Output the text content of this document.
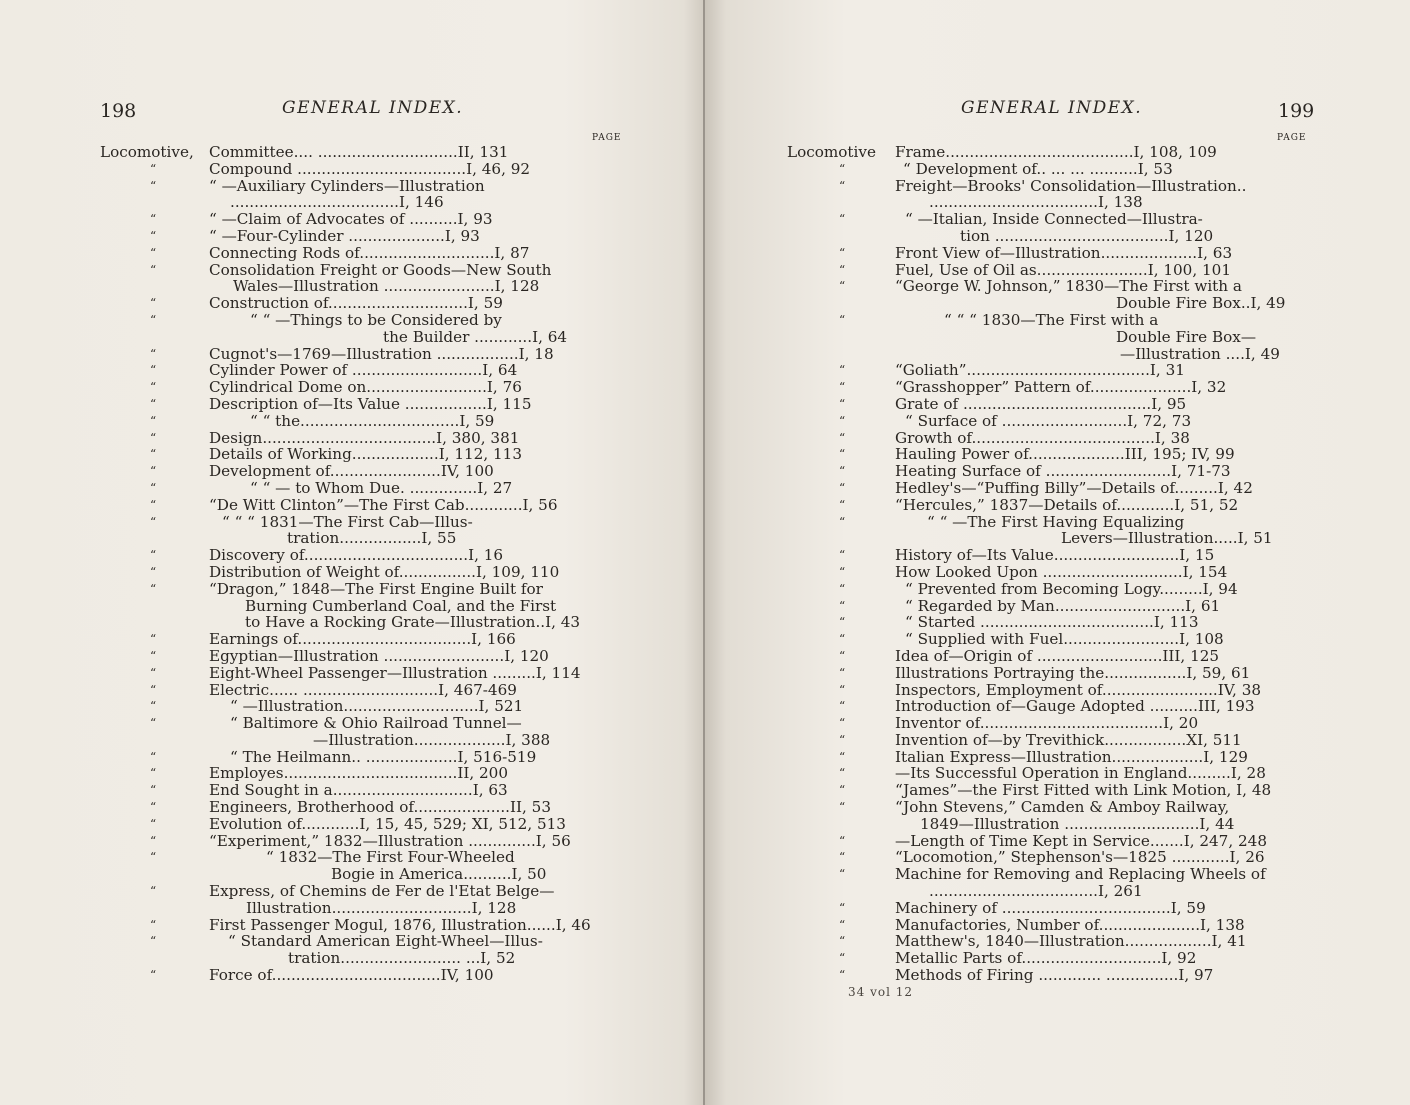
198	GENERAL INDEX.
PAGE
Locomotive,	Committee.... .............................II, 131
“	Compound ...................................I, 46, 92
“	“ —Auxiliary Cylinders—Illustration
...................................I, 146
“	“ —Claim of Advocates of ..........I, 93
“	“ —Four-Cylinder ....................I, 93
“	Connecting Rods of............................I, 87
“	Consolidation Freight or Goods—New South
Wales—Illustration .......................I, 128
“	Construction of.............................I, 59
“	“ “ —Things to be Considered by
the Builder ............I, 64
“	Cugnot's—1769—Illustration .................I, 18
“	Cylinder Power of ...........................I, 64
“	Cylindrical Dome on.........................I, 76
“	Description of—Its Value .................I, 115
“	“ “ the.................................I, 59
“	Design....................................I, 380, 381
“	Details of Working..................I, 112, 113
“	Development of.......................IV, 100
“	“ “ — to Whom Due. ..............I, 27
“	“De Witt Clinton”—The First Cab............I, 56
“	“ “ “ 1831—The First Cab—Illus-
tration.................I, 55
“	Discovery of..................................I, 16
“	Distribution of Weight of................I, 109, 110
“	“Dragon,” 1848—The First Engine Built for
Burning Cumberland Coal, and the First
to Have a Rocking Grate—Illustration..I, 43
“	Earnings of....................................I, 166
“	Egyptian—Illustration .........................I, 120
“	Eight-Wheel Passenger—Illustration .........I, 114
“	Electric...... ............................I, 467-469
“	“ —Illustration............................I, 521
“	“ Baltimore & Ohio Railroad Tunnel—
—Illustration...................I, 388
“	“ The Heilmann.. ...................I, 516-519
“	Employes....................................II, 200
“	End Sought in a.............................I, 63
“	Engineers, Brotherhood of....................II, 53
“	Evolution of............I, 15, 45, 529; XI, 512, 513
“	“Experiment,” 1832—Illustration ..............I, 56
“	“ 1832—The First Four-Wheeled
Bogie in America..........I, 50
“	Express, of Chemins de Fer de l'Etat Belge—
Illustration.............................I, 128
“	First Passenger Mogul, 1876, Illustration......I, 46
“	“ Standard American Eight-Wheel—Illus-
tration......................... ...I, 52
“	Force of...................................IV, 100
GENERAL INDEX.	199
PAGE
Locomotive	Frame.......................................I, 108, 109
“	“ Development of.. ... ... ..........I, 53
“	Freight—Brooks' Consolidation—Illustration..
...................................I, 138
“	“ —Italian, Inside Connected—Illustra-
tion ....................................I, 120
“	Front View of—Illustration....................I, 63
“	Fuel, Use of Oil as.......................I, 100, 101
“	“George W. Johnson,” 1830—The First with a
Double Fire Box..I, 49
“	“ “ “ 1830—The First with a
Double Fire Box—
—Illustration ....I, 49
“	“Goliath”......................................I, 31
“	“Grasshopper” Pattern of.....................I, 32
“	Grate of .......................................I, 95
“	“ Surface of ..........................I, 72, 73
“	Growth of......................................I, 38
“	Hauling Power of....................III, 195; IV, 99
“	Heating Surface of ..........................I, 71-73
“	Hedley's—“Puffing Billy”—Details of.........I, 42
“	“Hercules,” 1837—Details of............I, 51, 52
“	“ “ —The First Having Equalizing
Levers—Illustration.....I, 51
“	History of—Its Value..........................I, 15
“	How Looked Upon .............................I, 154
“	“ Prevented from Becoming Logy.........I, 94
“	“ Regarded by Man...........................I, 61
“	“ Started ....................................I, 113
“	“ Supplied with Fuel........................I, 108
“	Idea of—Origin of ..........................III, 125
“	Illustrations Portraying the.................I, 59, 61
“	Inspectors, Employment of........................IV, 38
“	Introduction of—Gauge Adopted ..........III, 193
“	Inventor of......................................I, 20
“	Invention of—by Trevithick.................XI, 511
“	Italian Express—Illustration...................I, 129
“	—Its Successful Operation in England.........I, 28
“	“James”—the First Fitted with Link Motion, I, 48
“	“John Stevens,” Camden & Amboy Railway,
1849—Illustration ............................I, 44
“	—Length of Time Kept in Service.......I, 247, 248
“	“Locomotion,” Stephenson's—1825 ............I, 26
“	Machine for Removing and Replacing Wheels of
...................................I, 261
“	Machinery of ...................................I, 59
“	Manufactories, Number of.....................I, 138
“	Matthew's, 1840—Illustration..................I, 41
“	Metallic Parts of.............................I, 92
“	Methods of Firing ............. ...............I, 97
34 vol 12
